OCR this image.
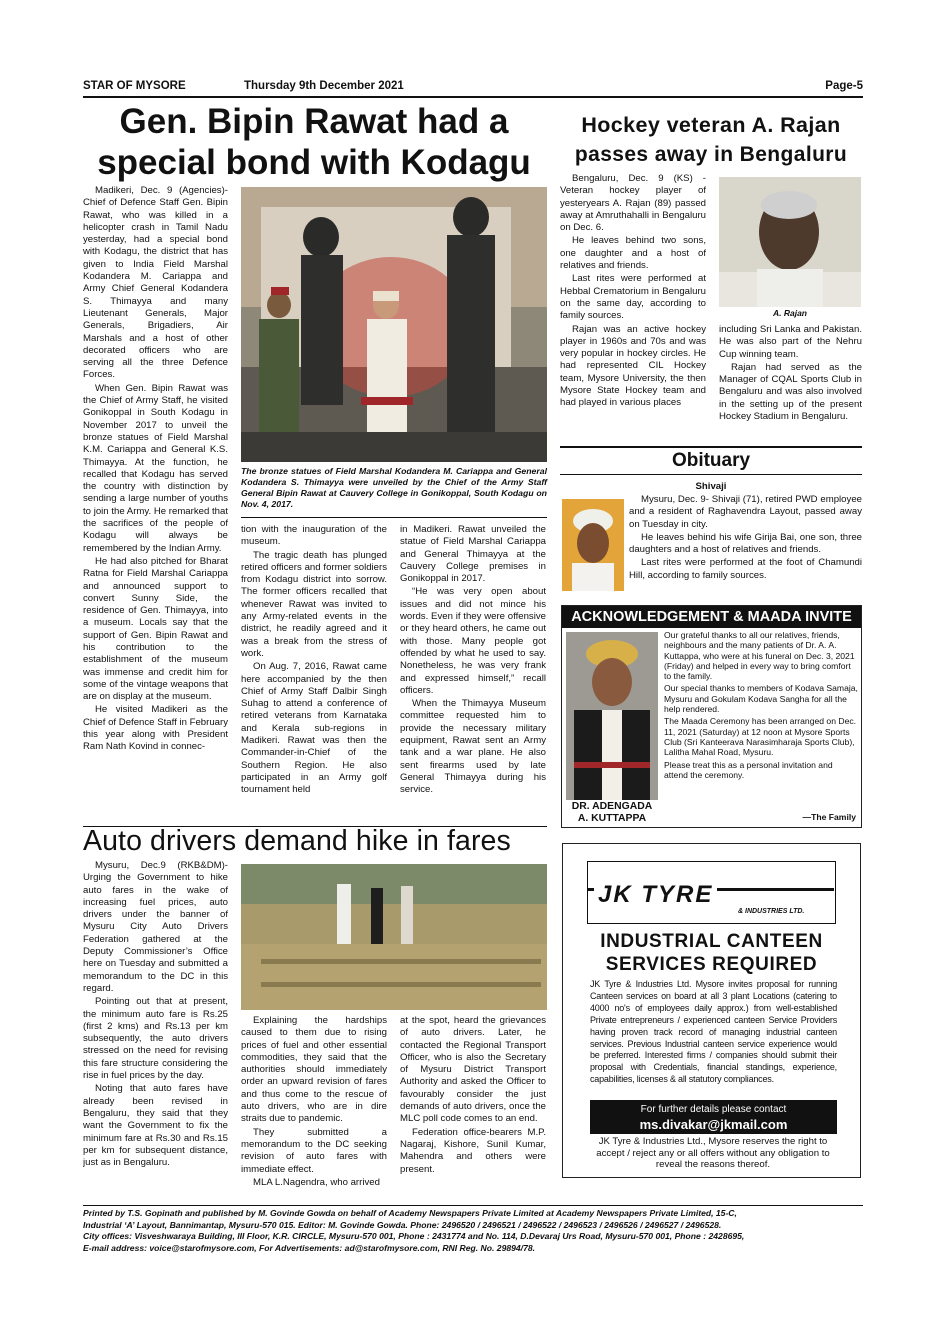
STAR OF MYSORE	Thursday 9th December 2021	Page-5
Gen. Bipin Rawat had a
special bond with Kodagu

Madikeri, Dec. 9 (Agencies)- Chief of Defence Staff Gen. Bipin Rawat, who was killed in a helicopter crash in Tamil Nadu yesterday, had a special bond with Kodagu, the district that has given to India Field Marshal Kodandera M. Cariappa and Army Chief General Kodandera S. Thimayya and many Lieutenant Generals, Major Generals, Brigadiers, Air Marshals and a host of other decorated officers who are serving all the three Defence Forces.

When Gen. Bipin Rawat was the Chief of Army Staff, he visited Gonikoppal in South Kodagu in November 2017 to unveil the bronze statues of Field Marshal K.M. Cariappa and General K.S. Thimayya. At the function, he recalled that Kodagu has served the country with distinction by sending a large number of youths to join the Army. He remarked that the sacrifices of the people of Kodagu will always be remembered by the Indian Army.

He had also pitched for Bharat Ratna for Field Marshal Cariappa and announced support to convert Sunny Side, the residence of Gen. Thimayya, into a museum. Locals say that the support of Gen. Bipin Rawat and his contribution to the establishment of the museum was immense and credit him for some of the vintage weapons that are on display at the museum.

He visited Madikeri as the Chief of Defence Staff in February this year along with President Ram Nath Kovind in connec-

The bronze statues of Field Marshal Kodandera M. Cariappa and General Kodandera S. Thimayya were unveiled by the Chief of the Army Staff General Bipin Rawat at Cauvery College in Gonikoppal, South Kodagu on Nov. 4, 2017.

tion with the inauguration of the museum.

The tragic death has plunged retired officers and former soldiers from Kodagu district into sorrow. The former officers recalled that whenever Rawat was invited to any Army-related events in the district, he readily agreed and it was a break from the stress of work.

On Aug. 7, 2016, Rawat came here accompanied by the then Chief of Army Staff Dalbir Singh Suhag to attend a conference of retired veterans from Karnataka and Kerala sub-regions in Madikeri. Rawat was then the Commander-in-Chief of the Southern Region. He also participated in an Army golf tournament held

in Madikeri. Rawat unveiled the statue of Field Marshal Cariappa and General Thimayya at the Cauvery College premises in Gonikoppal in 2017.

“He was very open about issues and did not mince his words. Even if they were offensive or they heard others, he came out with those. Many people got offended by what he used to say. Nonetheless, he was very frank and expressed himself,” recall officers.

When the Thimayya Museum committee requested him to provide the necessary military equipment, Rawat sent an Army tank and a war plane. He also sent firearms used by late General Thimayya during his service.

Hockey veteran A. Rajan
passes away in Bengaluru

Bengaluru, Dec. 9 (KS) - Veteran hockey player of yesteryears A. Rajan (89) passed away at Amruthahalli in Bengaluru on Dec. 6.

He leaves behind two sons, one daughter and a host of relatives and friends.

Last rites were performed at Hebbal Crematorium in Bengaluru on the same day, according to family sources.

Rajan was an active hockey player in 1960s and 70s and was very popular in hockey circles. He had represented CIL Hockey team, Mysore University, the then Mysore State Hockey team and had played in various places

A. Rajan

including Sri Lanka and Pakistan. He was also part of the Nehru Cup winning team.

Rajan had served as the Manager of CQAL Sports Club in Bengaluru and was also involved in the setting up of the present Hockey Stadium in Bengaluru.

Obituary
Shivaji

Mysuru, Dec. 9- Shivaji (71), retired PWD employee and a resident of Raghavendra Layout, passed away on Tuesday in city.

He leaves behind his wife Girija Bai, one son, three daughters and a host of relatives and friends.

Last rites were performed at the foot of Chamundi Hill, according to family sources.

ACKNOWLEDGEMENT & MAADA INVITE
DR. ADENGADA
A. KUTTAPPA

Our grateful thanks to all our relatives, friends, neighbours and the many patients of Dr. A. A. Kuttappa, who were at his funeral on Dec. 3, 2021 (Friday) and helped in every way to bring comfort to the family.

Our special thanks to members of Kodava Samaja, Mysuru and Gokulam Kodava Sangha for all the help rendered.

The Maada Ceremony has been arranged on Dec. 11, 2021 (Saturday) at 12 noon at Mysore Sports Club (Sri Kanteerava Narasimharaja Sports Club), Lalitha Mahal Road, Mysuru.

Please treat this as a personal invitation and attend the ceremony.

—The Family
Auto drivers demand hike in fares

Mysuru, Dec.9 (RKB&DM)- Urging the Government to hike auto fares in the wake of increasing fuel prices, auto drivers under the banner of Mysuru City Auto Drivers Federation gathered at the Deputy Commissioner’s Office here on Tuesday and submitted a memorandum to the DC in this regard.

Pointing out that at present, the minimum auto fare is Rs.25 (first 2 kms) and Rs.13 per km subsequently, the auto drivers stressed on the need for revising this fare structure considering the rise in fuel prices by the day.

Noting that auto fares have already been revised in Bengaluru, they said that they want the Government to fix the minimum fare at Rs.30 and Rs.15 per km for subsequent distance, just as in Bengaluru.

Explaining the hardships caused to them due to rising prices of fuel and other essential commodities, they said that the authorities should immediately order an upward revision of fares and thus come to the rescue of auto drivers, who are in dire straits due to pandemic.

They submitted a memorandum to the DC seeking revision of auto fares with immediate effect.

MLA L.Nagendra, who arrived

at the spot, heard the grievances of auto drivers. Later, he contacted the Regional Transport Officer, who is also the Secretary of Mysuru District Transport Authority and asked the Officer to favourably consider the just demands of auto drivers, once the MLC poll code comes to an end.

Federation office-bearers M.P. Nagaraj, Kishore, Sunil Kumar, Mahendra and others were present.

JK TYRE
& INDUSTRIES LTD.
INDUSTRIAL CANTEEN
SERVICES REQUIRED
JK Tyre & Industries Ltd. Mysore invites proposal for running Canteen services on board at all 3 plant Locations (catering to 4000 no's of employees daily approx.) from well-established Private entrepreneurs / experienced canteen Service Providers having proven track record of managing industrial canteen services. Previous Industrial canteen service experience would be preferred. Interested firms / companies should submit their proposal with Credentials, financial standings, experience, capabilities, licenses & all statutory compliances.
For further details please contact
ms.divakar@jkmail.com
JK Tyre & Industries Ltd., Mysore reserves the right to accept / reject any or all offers without any obligation to reveal the reasons thereof.
Printed by T.S. Gopinath and published by M. Govinde Gowda on behalf of Academy Newspapers Private Limited at Academy Newspapers Private Limited, 15-C,
Industrial ‘A’ Layout, Bannimantap, Mysuru-570 015. Editor: M. Govinde Gowda. Phone: 2496520 / 2496521 / 2496522 / 2496523 / 2496526 / 2496527 / 2496528.
City offices: Visveshwaraya Building, III Floor, K.R. CIRCLE, Mysuru-570 001, Phone : 2431774 and No. 114, D.Devaraj Urs Road, Mysuru-570 001, Phone : 2428695,
E-mail address: voice@starofmysore.com, For Advertisements: ad@starofmysore.com, RNI Reg. No. 29894/78.
